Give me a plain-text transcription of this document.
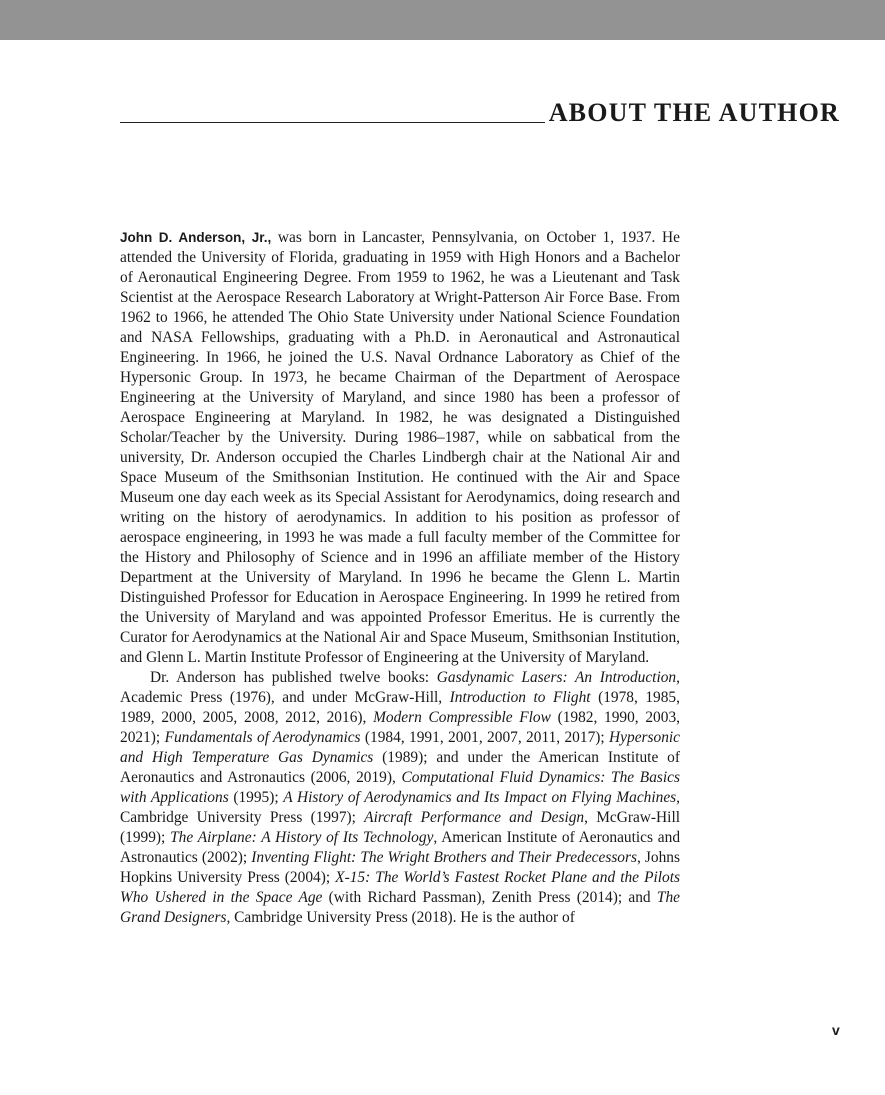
ABOUT THE AUTHOR

John D. Anderson, Jr., was born in Lancaster, Pennsylvania, on October 1, 1937. He attended the University of Florida, graduating in 1959 with High Honors and a Bachelor of Aeronautical Engineering Degree. From 1959 to 1962, he was a Lieutenant and Task Scientist at the Aerospace Research Laboratory at Wright-Patterson Air Force Base. From 1962 to 1966, he attended The Ohio State University under National Science Foundation and NASA Fellowships, graduating with a Ph.D. in Aeronautical and Astronautical Engineering. In 1966, he joined the U.S. Naval Ordnance Laboratory as Chief of the Hypersonic Group. In 1973, he became Chairman of the Department of Aerospace Engineering at the University of Maryland, and since 1980 has been a professor of Aerospace Engineering at Maryland. In 1982, he was designated a Distinguished Scholar/Teacher by the University. During 1986–1987, while on sabbatical from the university, Dr. Anderson occupied the Charles Lindbergh chair at the National Air and Space Museum of the Smithsonian Institution. He continued with the Air and Space Museum one day each week as its Special Assistant for Aerodynamics, doing research and writing on the history of aerodynamics. In addition to his position as professor of aerospace engineering, in 1993 he was made a full faculty member of the Committee for the History and Philosophy of Science and in 1996 an affiliate member of the History Department at the University of Maryland. In 1996 he became the Glenn L. Martin Distinguished Professor for Education in Aerospace Engineering. In 1999 he retired from the University of Maryland and was appointed Professor Emeritus. He is currently the Curator for Aerodynamics at the National Air and Space Museum, Smithsonian Institution, and Glenn L. Martin Institute Professor of Engineering at the University of Maryland.

Dr. Anderson has published twelve books: Gasdynamic Lasers: An Introduction, Academic Press (1976), and under McGraw-Hill, Introduction to Flight (1978, 1985, 1989, 2000, 2005, 2008, 2012, 2016), Modern Compressible Flow (1982, 1990, 2003, 2021); Fundamentals of Aerodynamics (1984, 1991, 2001, 2007, 2011, 2017); Hypersonic and High Temperature Gas Dynamics (1989); and under the American Institute of Aeronautics and Astronautics (2006, 2019), Computational Fluid Dynamics: The Basics with Applications (1995); A History of Aerodynamics and Its Impact on Flying Machines, Cambridge University Press (1997); Aircraft Performance and Design, McGraw-Hill (1999); The Airplane: A History of Its Technology, American Institute of Aeronautics and Astronautics (2002); Inventing Flight: The Wright Brothers and Their Predecessors, Johns Hopkins University Press (2004); X-15: The World’s Fastest Rocket Plane and the Pilots Who Ushered in the Space Age (with Richard Passman), Zenith Press (2014); and The Grand Designers, Cambridge University Press (2018). He is the author of

v
